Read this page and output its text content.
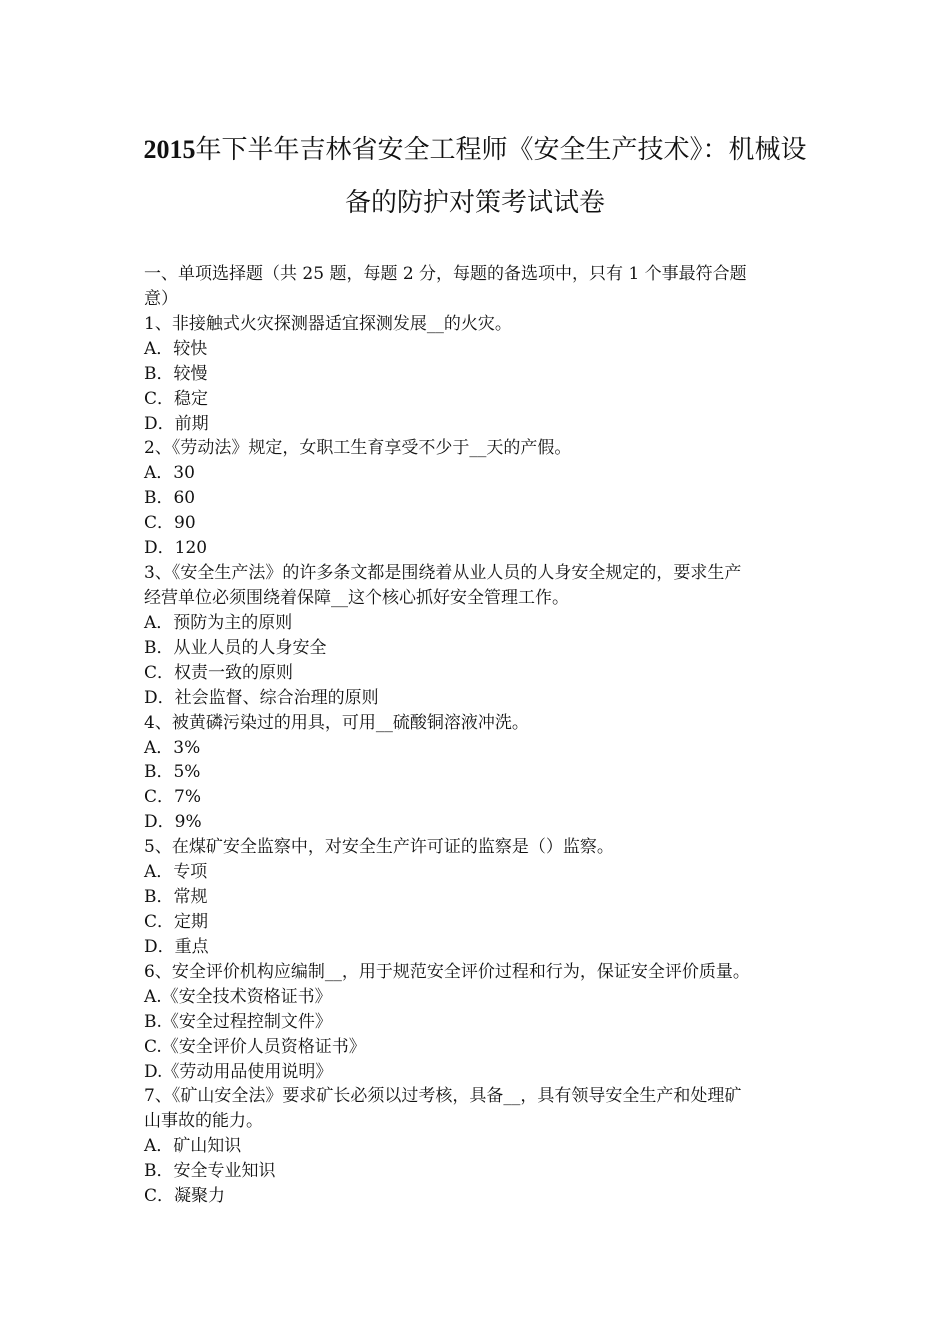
2015年下半年吉林省安全工程师《安全生产技术》：机械设
备的防护对策考试试卷
一、单项选择题（共 25 题，每题 2 分，每题的备选项中，只有 1 个事最符合题
意）
1、非接触式火灾探测器适宜探测发展__的火灾。
A．较快
B．较慢
C．稳定
D．前期
2、《劳动法》规定，女职工生育享受不少于__天的产假。
A．30
B．60
C．90
D．120
3、《安全生产法》的许多条文都是围绕着从业人员的人身安全规定的，要求生产
经营单位必须围绕着保障__这个核心抓好安全管理工作。
A．预防为主的原则
B．从业人员的人身安全
C．权责一致的原则
D．社会监督、综合治理的原则
4、被黄磷污染过的用具，可用__硫酸铜溶液冲洗。
A．3%
B．5%
C．7%
D．9%
5、在煤矿安全监察中，对安全生产许可证的监察是（）监察。
A．专项
B．常规
C．定期
D．重点
6、安全评价机构应编制__，用于规范安全评价过程和行为，保证安全评价质量。
A.《安全技术资格证书》
B.《安全过程控制文件》
C.《安全评价人员资格证书》
D.《劳动用品使用说明》
7、《矿山安全法》要求矿长必须以过考核，具备__，具有领导安全生产和处理矿
山事故的能力。
A．矿山知识
B．安全专业知识
C．凝聚力
